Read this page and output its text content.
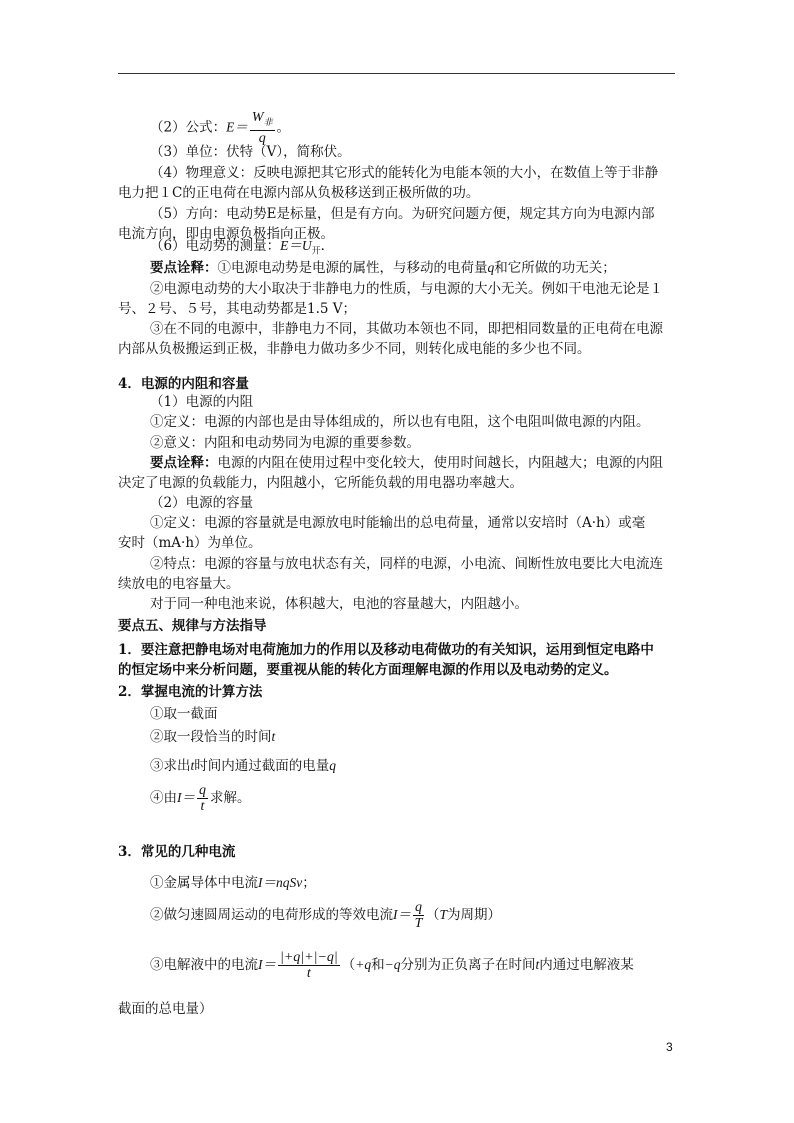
（2）公式：$E= \frac{W_非}{q}$ 。
（3）单位：伏特（V），简称伏。
（4）物理意义：反映电源把其它形式的能转化为电能本领的大小，在数值上等于非静
电力把１C的正电荷在电源内部从负极移送到正极所做的功。
（5）方向：电动势E是标量，但是有方向。为研究问题方便，规定其方向为电源内部
电流方向，即由电源负极指向正极。
（6）电动势的测量：$E=U_开$．
要点诠释：①电源电动势是电源的属性，与移动的电荷量q和它所做的功无关；
②电源电动势的大小取决于非静电力的性质，与电源的大小无关。例如干电池无论是１
号、２号、５号，其电动势都是1.5 V；
③在不同的电源中，非静电力不同，其做功本领也不同，即把相同数量的正电荷在电源
内部从负极搬运到正极，非静电力做功多少不同，则转化成电能的多少也不同。
4．电源的内阻和容量
（1）电源的内阻
①定义：电源的内部也是由导体组成的，所以也有电阻，这个电阻叫做电源的内阻。
②意义：内阻和电动势同为电源的重要参数。
要点诠释：电源的内阻在使用过程中变化较大，使用时间越长，内阻越大；电源的内阻
决定了电源的负载能力，内阻越小，它所能负载的用电器功率越大。
（2）电源的容量
①定义：电源的容量就是电源放电时能输出的总电荷量，通常以安培时（A·h）或毫
安时（mA·h）为单位。
②特点：电源的容量与放电状态有关，同样的电源，小电流、间断性放电要比大电流连
续放电的电容量大。
对于同一种电池来说，体积越大，电池的容量越大，内阻越小。
要点五、规律与方法指导
1．要注意把静电场对电荷施加力的作用以及移动电荷做功的有关知识，运用到恒定电路中
的恒定场中来分析问题，要重视从能的转化方面理解电源的作用以及电动势的定义。
2．掌握电流的计算方法
①取一截面
②取一段恰当的时间t
③求出t时间内通过截面的电量q
④由$I= \frac{q}{t}$ 求解。
3．常见的几种电流
①金属导体中电流I＝nqSv；
②做匀速圆周运动的电荷形成的等效电流$I= \frac{q}{T} (T$为周期）
③电解液中的电流$I= \frac{|+q|+|-q|}{t} (+q$和−q分别为正负离子在时间t内通过电解液某
截面的总电量）
3
